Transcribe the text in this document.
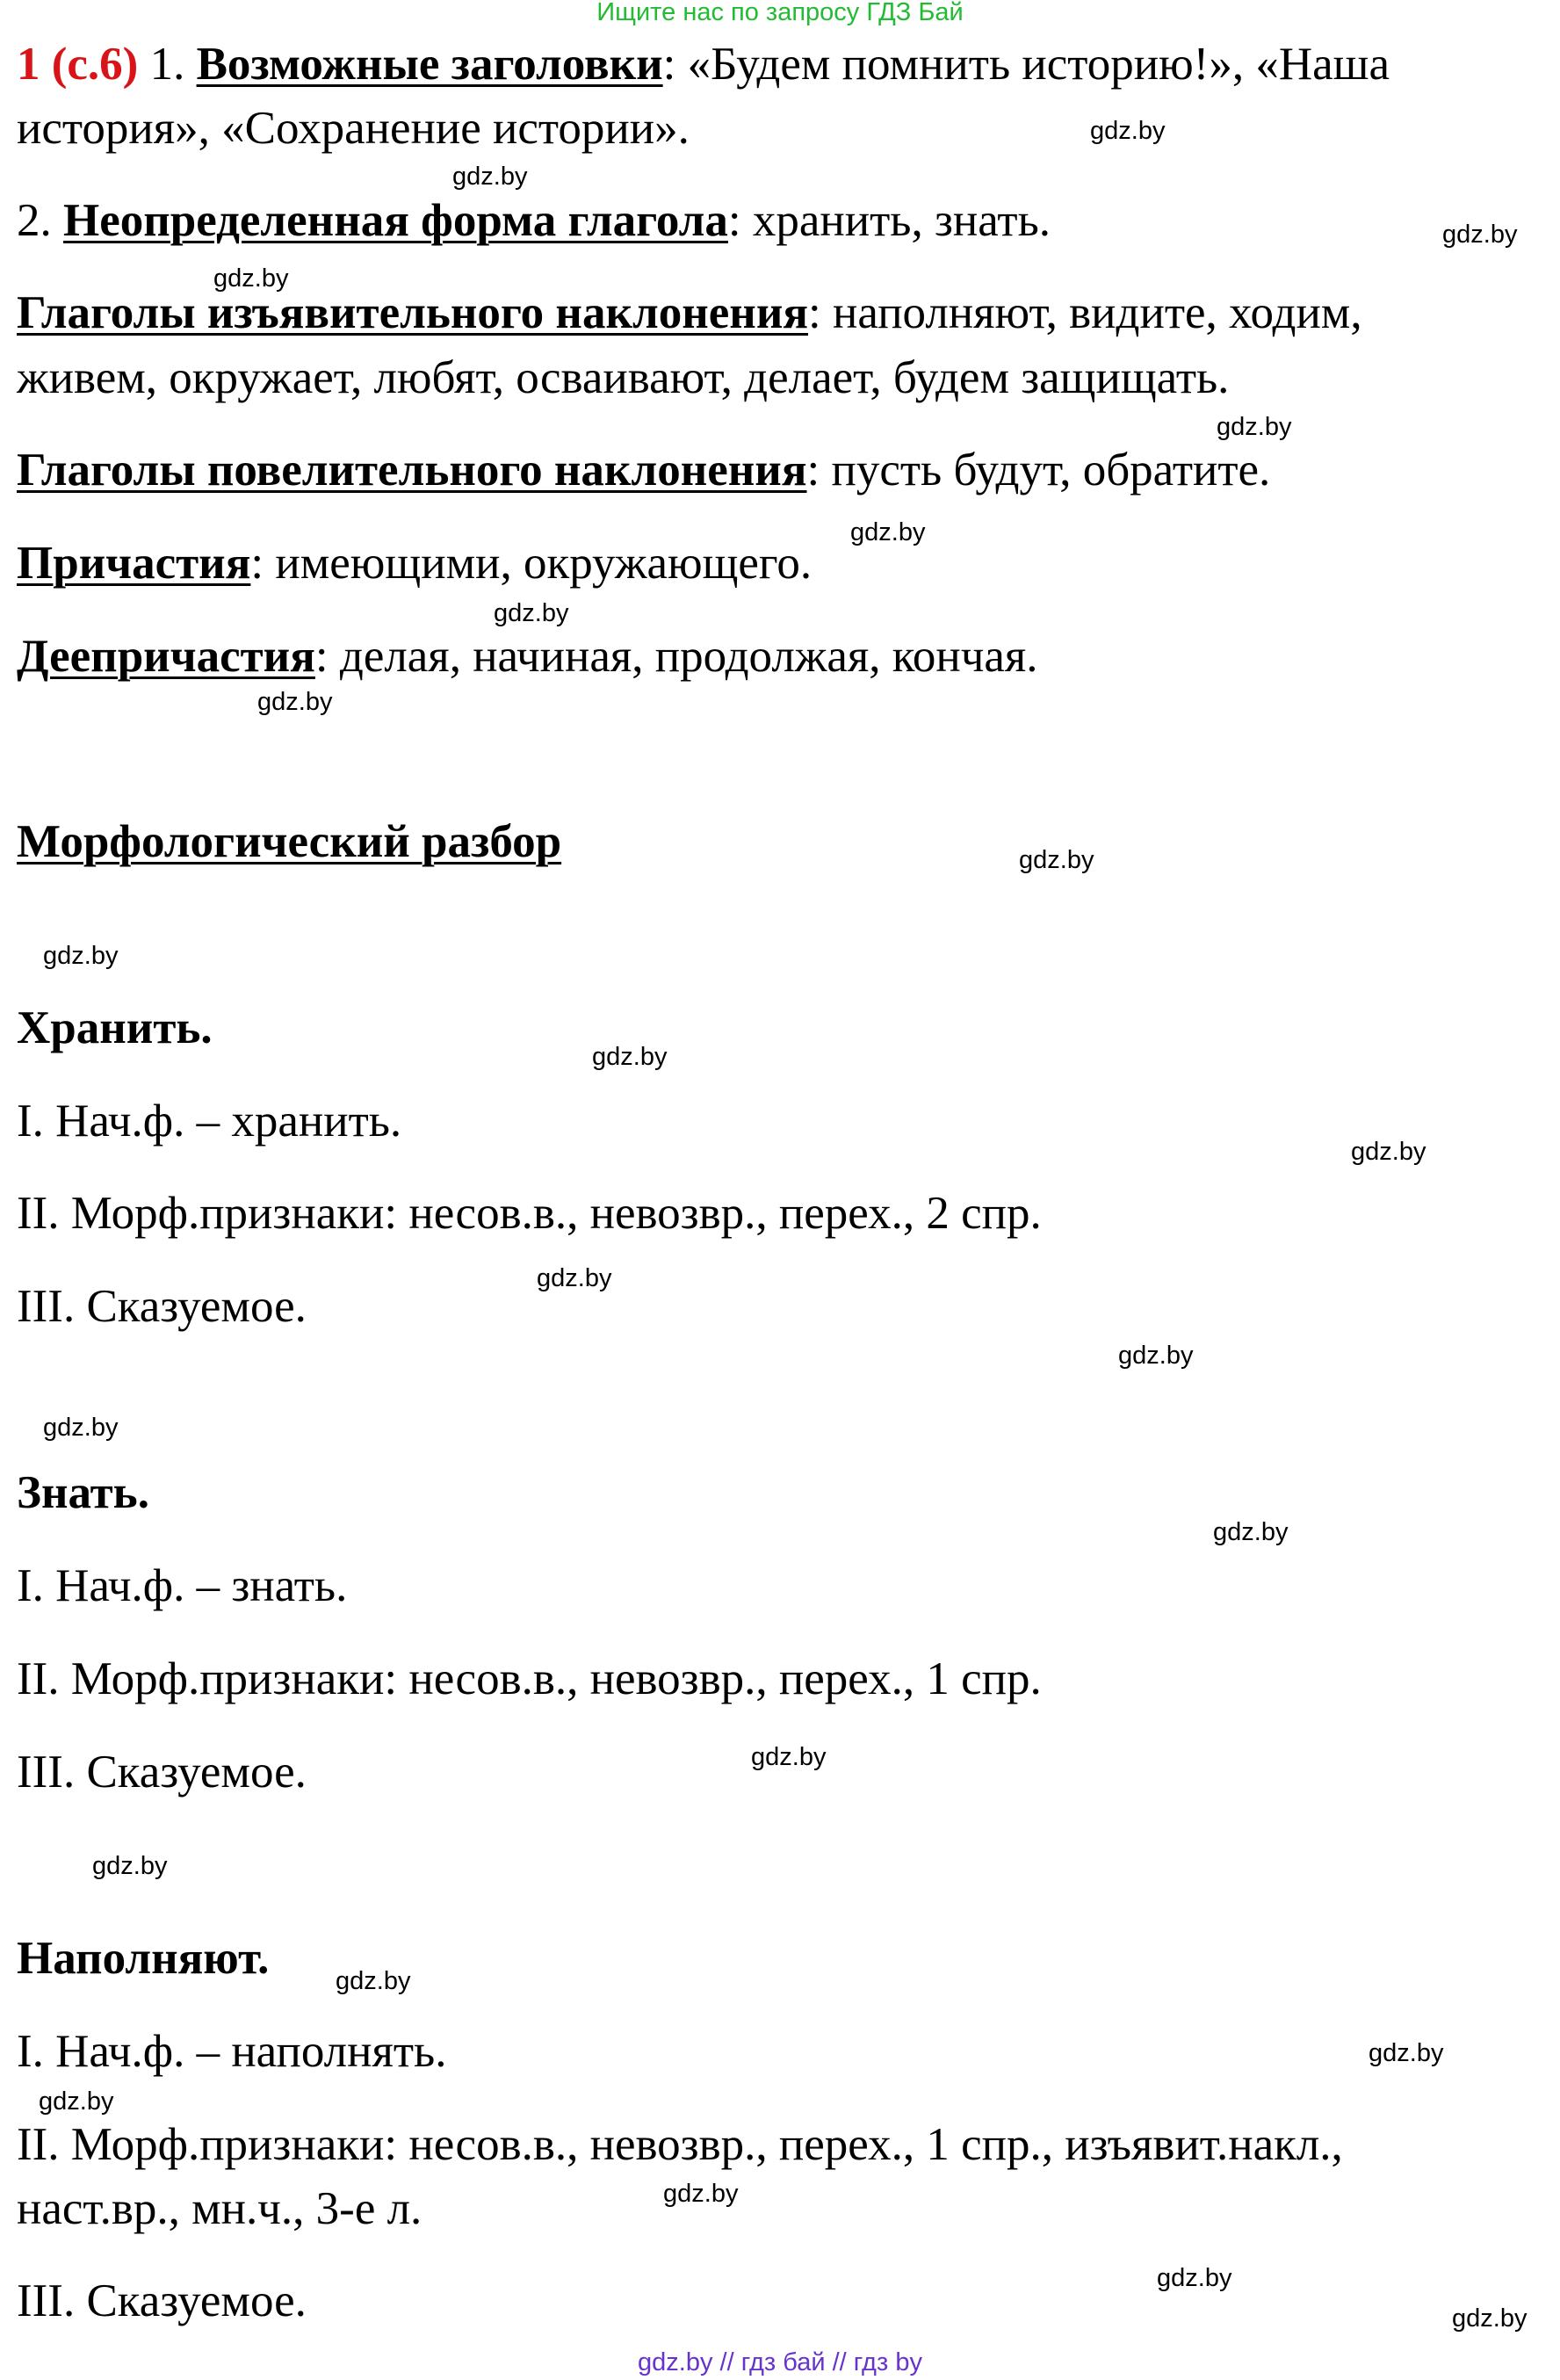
Ищите нас по запросу ГДЗ Бай
1 (с.6) 1. Возможные заголовки: «Будем помнить историю!», «Наша
история», «Сохранение истории».
2. Неопределенная форма глагола: хранить, знать.
Глаголы изъявительного наклонения: наполняют, видите, ходим,
живем, окружает, любят, осваивают, делает, будем защищать.
Глаголы повелительного наклонения: пусть будут, обратите.
Причастия: имеющими, окружающего.
Деепричастия: делая, начиная, продолжая, кончая.
Морфологический разбор
Хранить.
I. Нач.ф. – хранить.
II. Морф.признаки: несов.в., невозвр., перех., 2 спр.
III. Сказуемое.
Знать.
I. Нач.ф. – знать.
II. Морф.признаки: несов.в., невозвр., перех., 1 спр.
III. Сказуемое.
Наполняют.
I. Нач.ф. – наполнять.
II. Морф.признаки: несов.в., невозвр., перех., 1 спр., изъявит.накл.,
наст.вр., мн.ч., 3-е л.
III. Сказуемое.
gdz.by
gdz.by
gdz.by
gdz.by
gdz.by
gdz.by
gdz.by
gdz.by
gdz.by
gdz.by
gdz.by
gdz.by
gdz.by
gdz.by
gdz.by
gdz.by
gdz.by
gdz.by
gdz.by
gdz.by
gdz.by
gdz.by
gdz.by
gdz.by
gdz.by // гдз бай // гдз by
